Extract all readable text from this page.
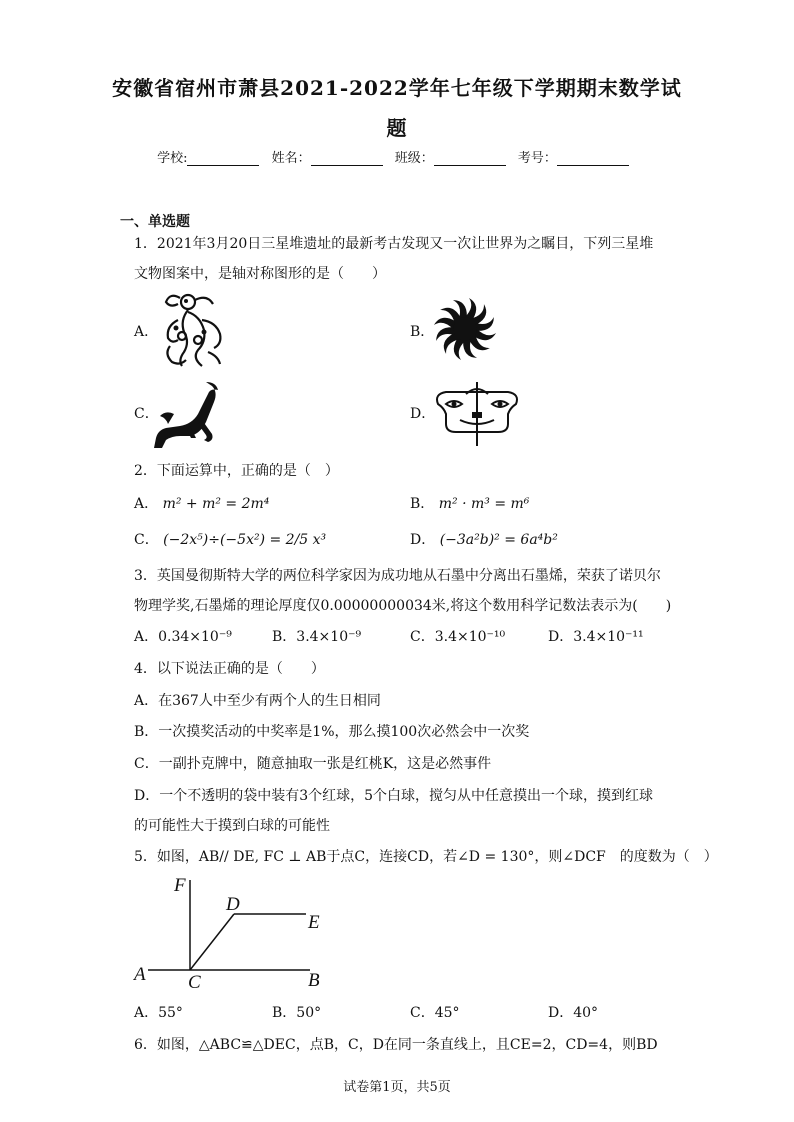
安徽省宿州市萧县2021-2022学年七年级下学期期末数学试
题
学校:	姓名：	班级：	考号：
一、单选题
1．2021年3月20日三星堆遗址的最新考古发现又一次让世界为之瞩目，下列三星堆
文物图案中，是轴对称图形的是（　　）
A．	B．
C．	D．
2．下面运算中，正确的是（　）
A． m² + m² = 2m⁴	B． m² · m³ = m⁶
C． (−2x⁵)÷(−5x²) = 2/5 x³	D． (−3a²b)² = 6a⁴b²
3．英国曼彻斯特大学的两位科学家因为成功地从石墨中分离出石墨烯，荣获了诺贝尔
物理学奖,石墨烯的理论厚度仅0.00000000034米,将这个数用科学记数法表示为(　　)
A．0.34×10⁻⁹	B．3.4×10⁻⁹	C．3.4×10⁻¹⁰	D．3.4×10⁻¹¹
4．以下说法正确的是（　　）
A．在367人中至少有两个人的生日相同
B．一次摸奖活动的中奖率是1%，那么摸100次必然会中一次奖
C．一副扑克牌中，随意抽取一张是红桃K，这是必然事件
D．一个不透明的袋中装有3个红球，5个白球，搅匀从中任意摸出一个球，摸到红球
的可能性大于摸到白球的可能性
5．如图，AB// DE, FC ⊥ AB于点C，连接CD，若∠D = 130°，则∠DCF　的度数为（　）
F
D
E
A C	B
A．55°	B．50°	C．45°	D．40°
6．如图，△ABC≌△DEC，点B，C，D在同一条直线上，且CE=2，CD=4，则BD
试卷第1页，共5页
